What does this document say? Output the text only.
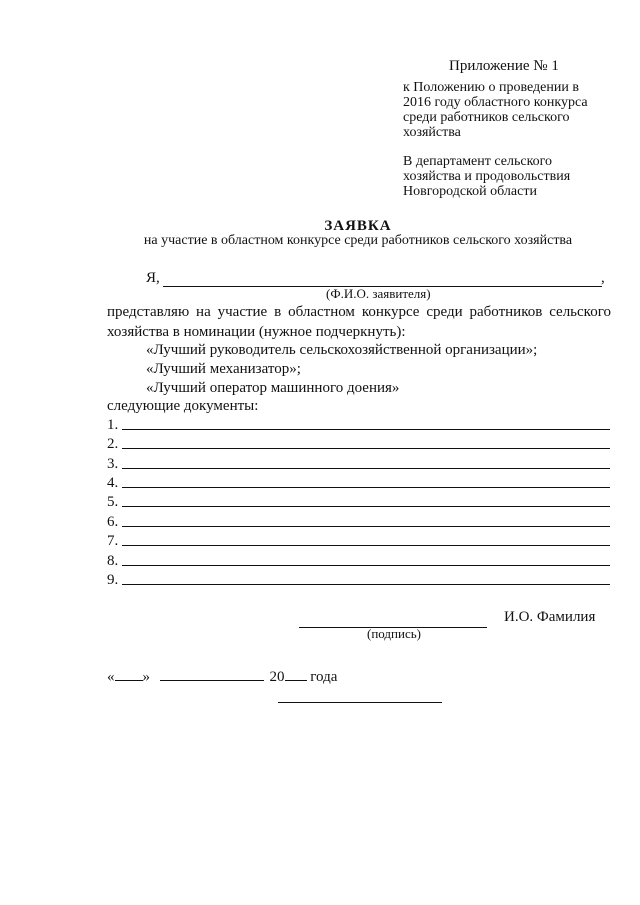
Приложение № 1
к Положению о проведении в
2016 году областного конкурса
среди работников сельского
хозяйства
В департамент сельского
хозяйства и продовольствия
Новгородской области
ЗАЯВКА
на участие в областном конкурсе среди работников сельского хозяйства
Я,	,
(Ф.И.О. заявителя)
представляю на участие в областном конкурсе среди работников сельского хозяйства в номинации (нужное подчеркнуть):
«Лучший руководитель сельскохозяйственной организации»;
«Лучший механизатор»;
«Лучший оператор машинного доения»
следующие документы:
1.
2.
3.
4.
5.
6.
7.
8.
9.
И.О. Фамилия
(подпись)
« »	20 года
